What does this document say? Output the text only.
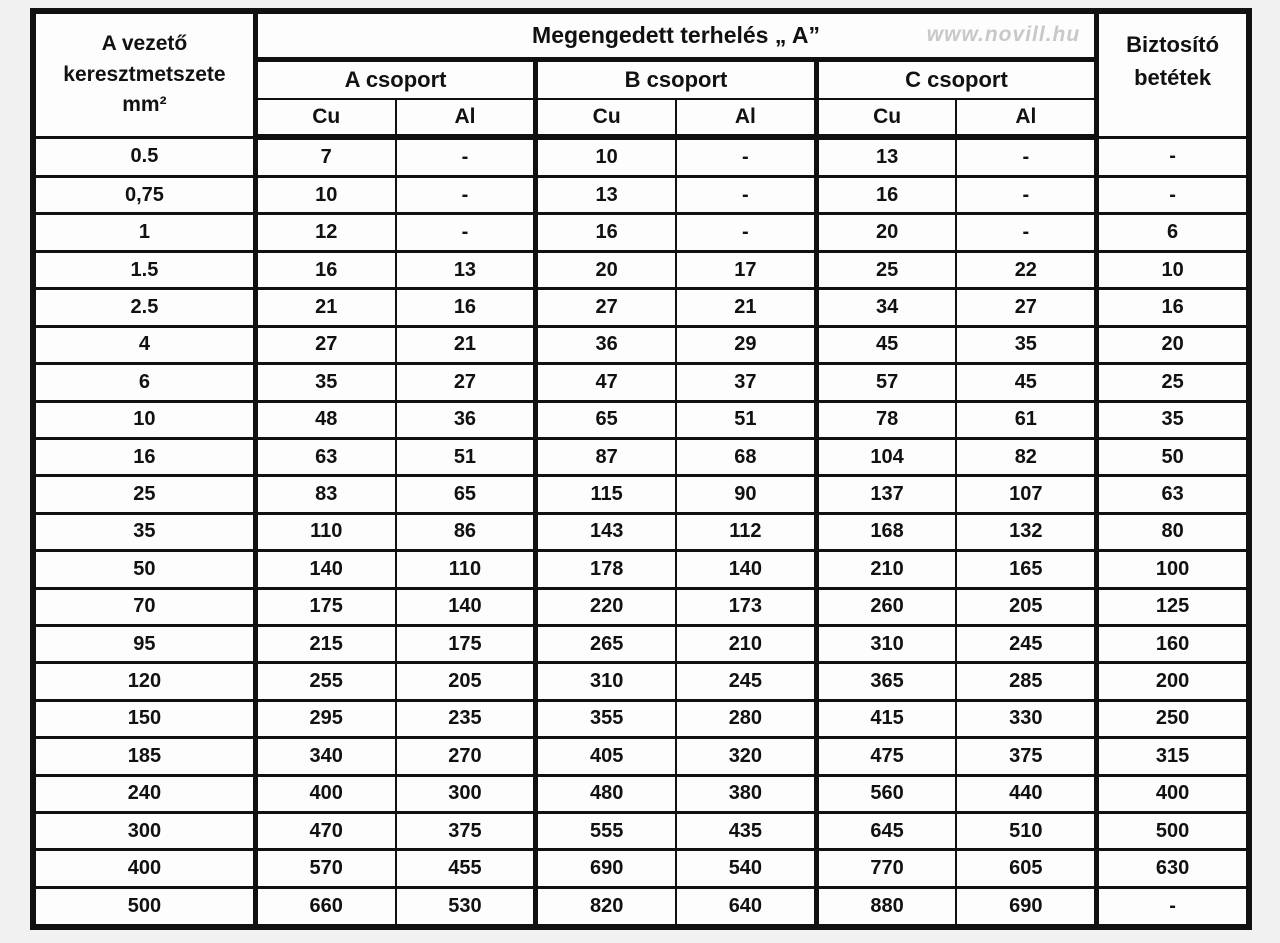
A vezető
keresztmetszete
mm²
	Megengedett terhelés „ A”	www.novill.hu	Biztosító
betétek

	A csoport		B csoport		C csoport		
	Cu	Al	Cu	Al	Cu	Al	
0.5	7	-	10	-	13	-	-
0,75	10	-	13	-	16	-	-
1	12	-	16	-	20	-	6
1.5	16	13	20	17	25	22	10
2.5	21	16	27	21	34	27	16
4	27	21	36	29	45	35	20
6	35	27	47	37	57	45	25
10	48	36	65	51	78	61	35
16	63	51	87	68	104	82	50
25	83	65	115	90	137	107	63
35	110	86	143	112	168	132	80
50	140	110	178	140	210	165	100
70	175	140	220	173	260	205	125
95	215	175	265	210	310	245	160
120	255	205	310	245	365	285	200
150	295	235	355	280	415	330	250
185	340	270	405	320	475	375	315
240	400	300	480	380	560	440	400
300	470	375	555	435	645	510	500
400	570	455	690	540	770	605	630
500	660	530	820	640	880	690	-
